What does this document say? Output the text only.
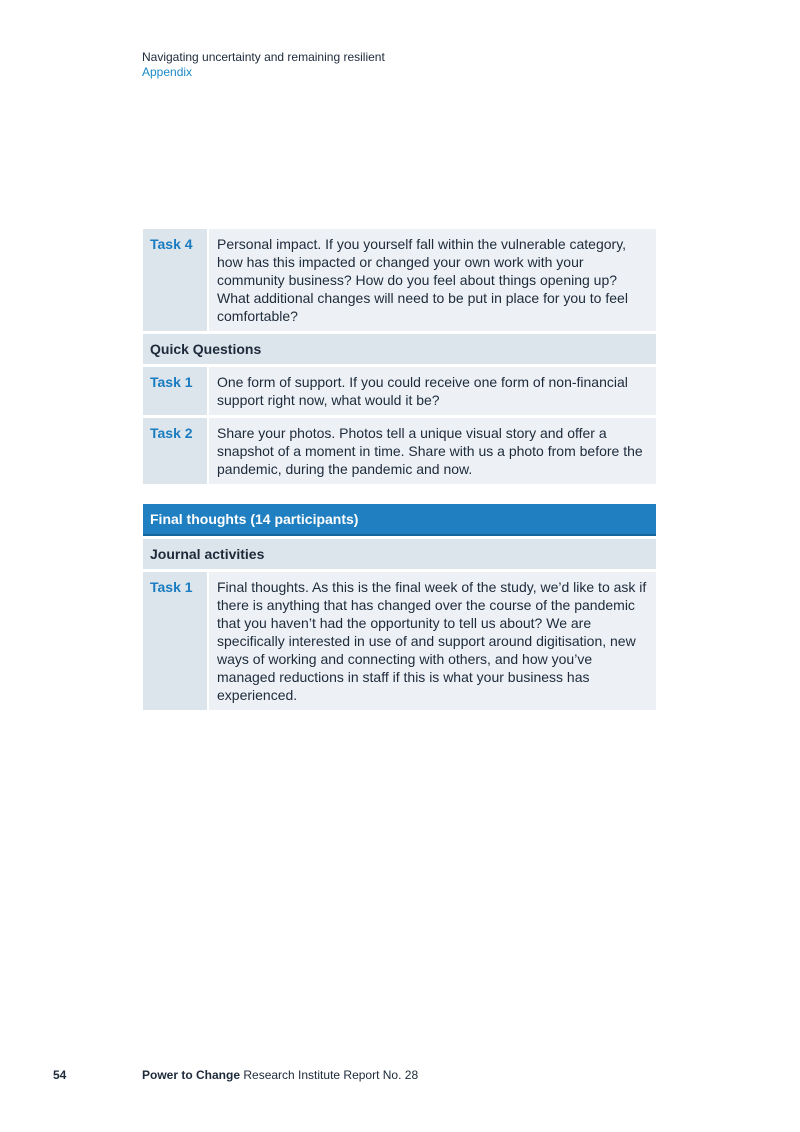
Navigating uncertainty and remaining resilient
Appendix
Task 4	Personal impact. If you yourself fall within the vulnerable category, how has this impacted or changed your own work with your community business? How do you feel about things opening up? What additional changes will need to be put in place for you to feel comfortable?
Quick Questions
Task 1	One form of support. If you could receive one form of non-financial support right now, what would it be?
Task 2	Share your photos. Photos tell a unique visual story and offer a snapshot of a moment in time. Share with us a photo from before the pandemic, during the pandemic and now.
Final thoughts (14 participants)
Journal activities
Task 1	Final thoughts. As this is the final week of the study, we’d like to ask if there is anything that has changed over the course of the pandemic that you haven’t had the opportunity to tell us about? We are specifically interested in use of and support around digitisation, new ways of working and connecting with others, and how you’ve managed reductions in staff if this is what your business has experienced.
54	Power to Change Research Institute Report No. 28
